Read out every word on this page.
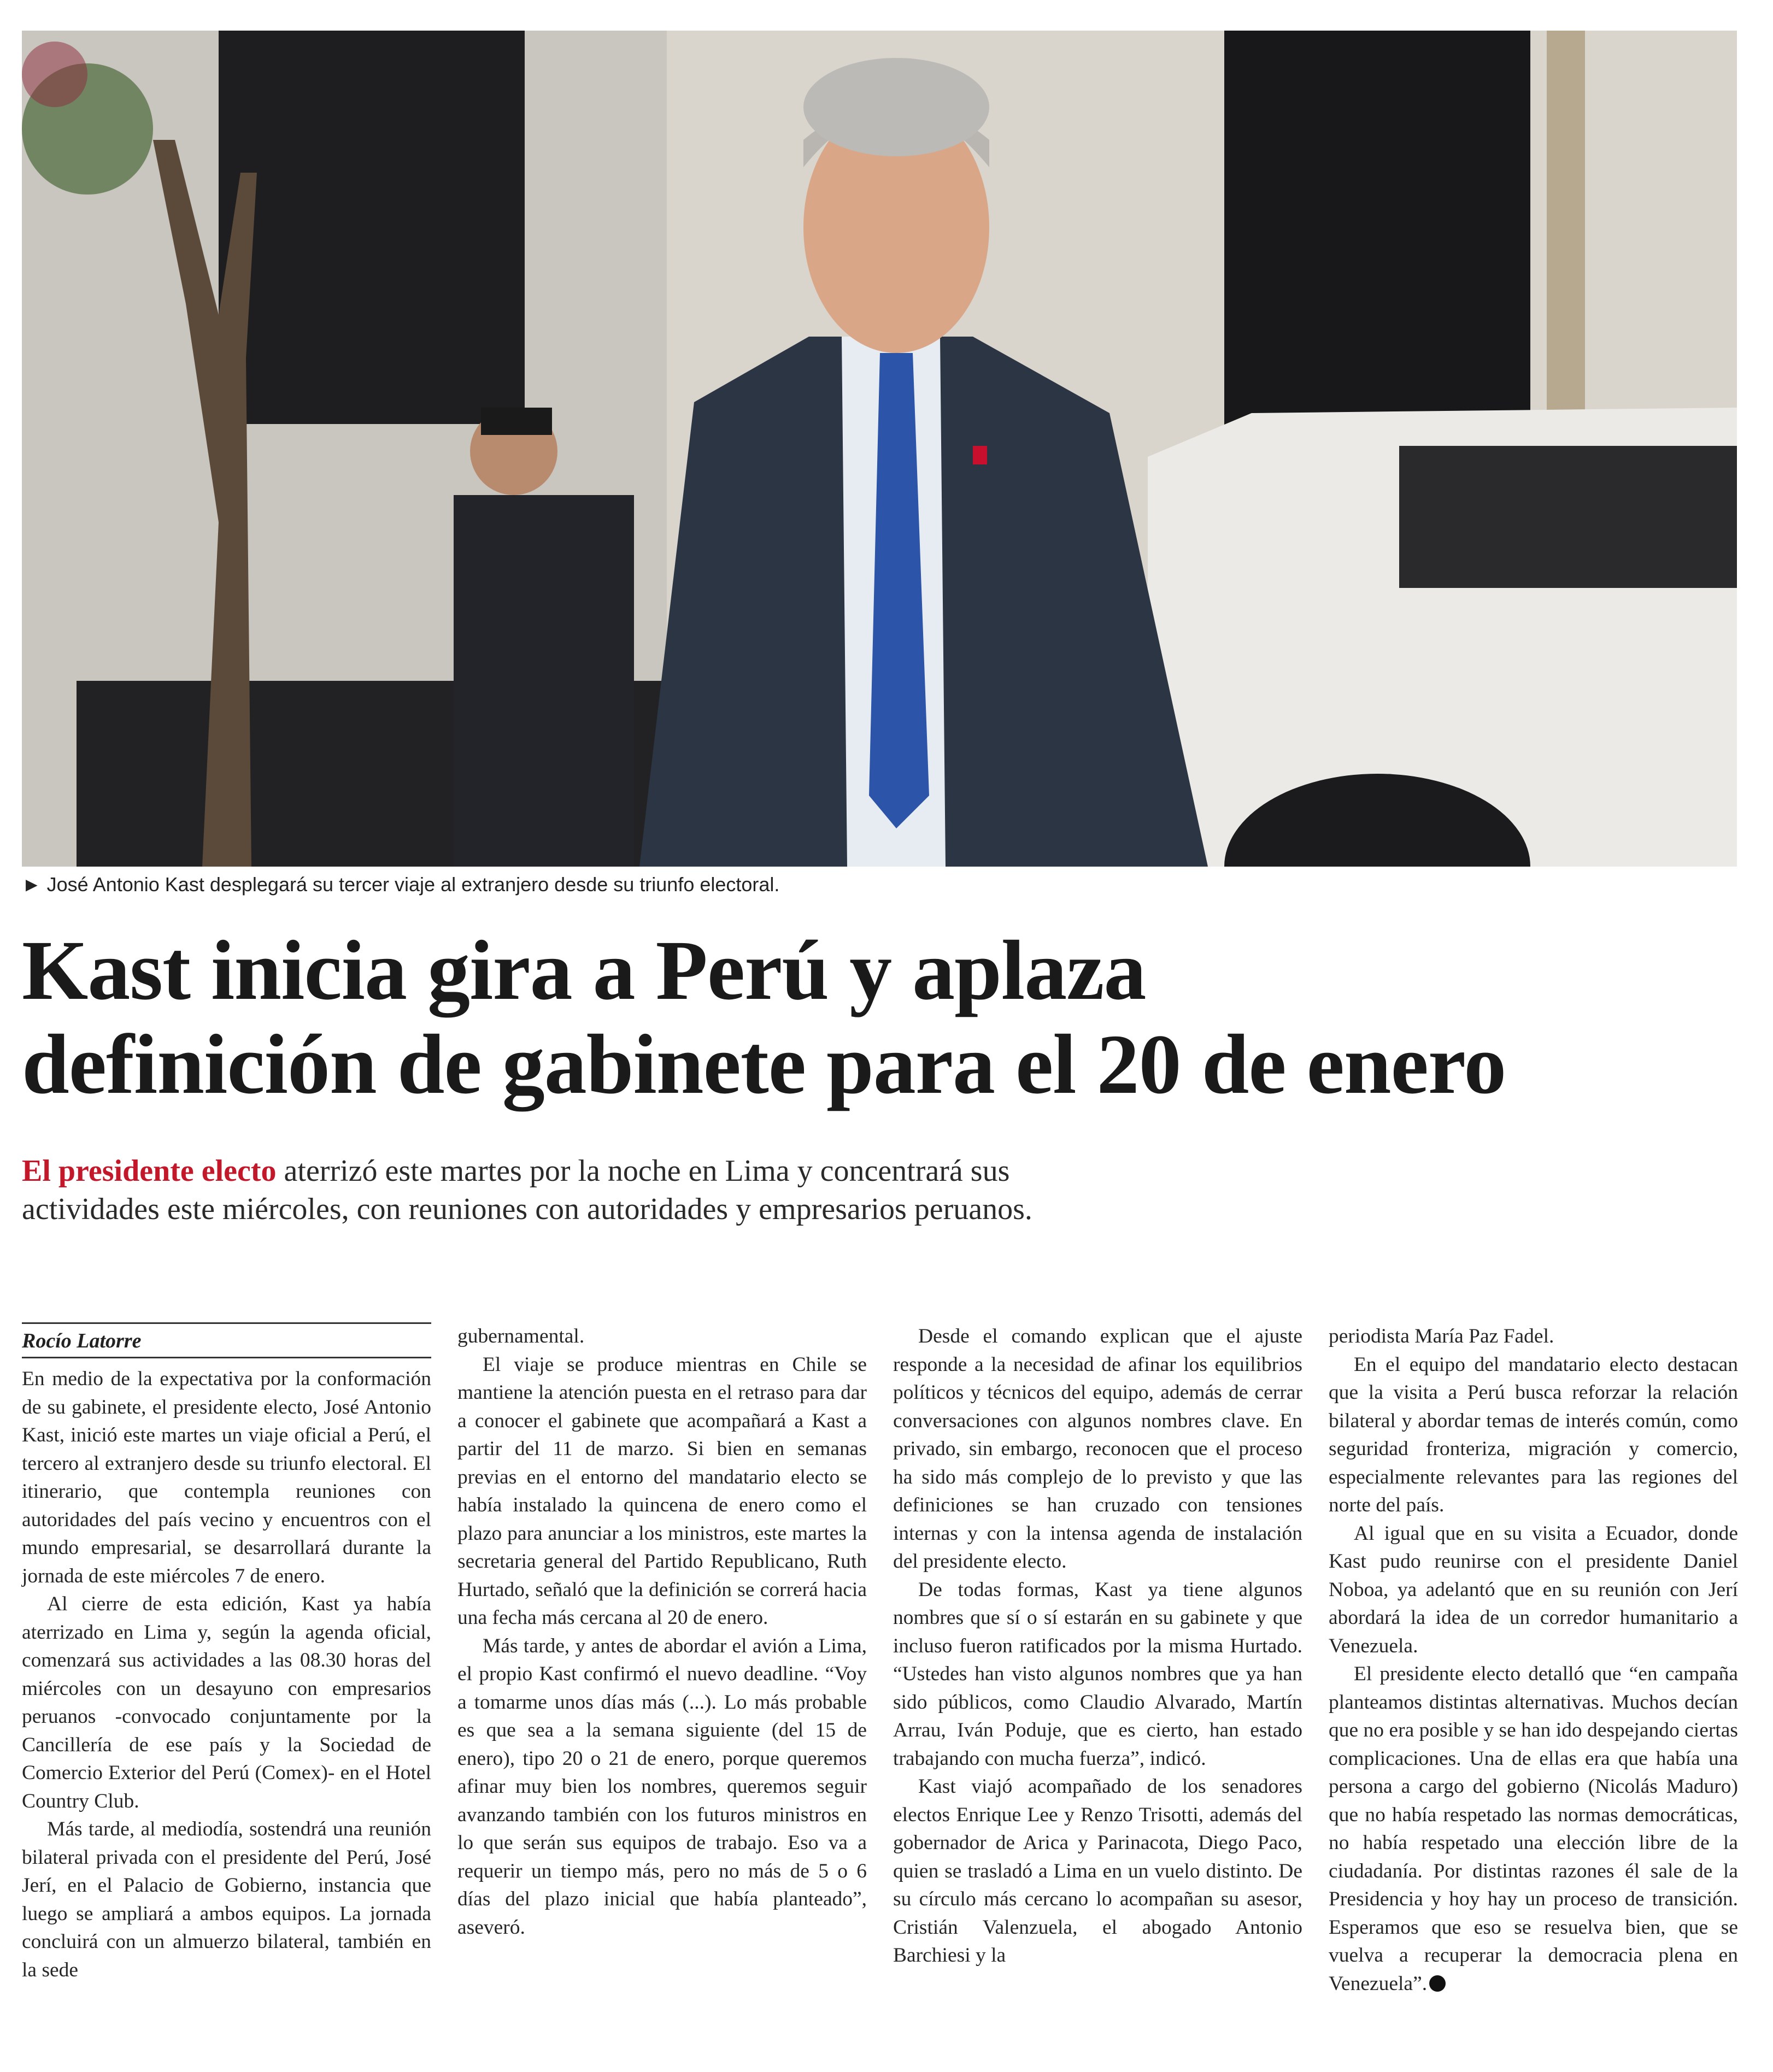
► José Antonio Kast desplegará su tercer viaje al extranjero desde su triunfo electoral.
Kast inicia gira a Perú y aplaza
definición de gabinete para el 20 de enero
El presidente electo aterrizó este martes por la noche en Lima y concentrará sus
actividades este miércoles, con reuniones con autoridades y empresarios peruanos.
Rocío Latorre

En medio de la expectativa por la conformación de su gabinete, el presidente electo, José Antonio Kast, inició este martes un viaje oficial a Perú, el tercero al extranjero desde su triunfo electoral. El itinerario, que contempla reuniones con autoridades del país vecino y encuentros con el mundo empresarial, se desarrollará durante la jornada de este miércoles 7 de enero.

Al cierre de esta edición, Kast ya había aterrizado en Lima y, según la agenda oficial, comenzará sus actividades a las 08.30 horas del miércoles con un desayuno con empresarios peruanos -convocado conjuntamente por la Cancillería de ese país y la Sociedad de Comercio Exterior del Perú (Comex)- en el Hotel Country Club.

Más tarde, al mediodía, sostendrá una reunión bilateral privada con el presidente del Perú, José Jerí, en el Palacio de Gobierno, instancia que luego se ampliará a ambos equipos. La jornada concluirá con un almuerzo bilateral, también en la sede

gubernamental.

El viaje se produce mientras en Chile se mantiene la atención puesta en el retraso para dar a conocer el gabinete que acompañará a Kast a partir del 11 de marzo. Si bien en semanas previas en el entorno del mandatario electo se había instalado la quincena de enero como el plazo para anunciar a los ministros, este martes la secretaria general del Partido Republicano, Ruth Hurtado, señaló que la definición se correrá hacia una fecha más cercana al 20 de enero.

Más tarde, y antes de abordar el avión a Lima, el propio Kast confirmó el nuevo deadline. “Voy a tomarme unos días más (...). Lo más probable es que sea a la semana siguiente (del 15 de enero), tipo 20 o 21 de enero, porque queremos afinar muy bien los nombres, queremos seguir avanzando también con los futuros ministros en lo que serán sus equipos de trabajo. Eso va a requerir un tiempo más, pero no más de 5 o 6 días del plazo inicial que había planteado”, aseveró.

Desde el comando explican que el ajuste responde a la necesidad de afinar los equilibrios políticos y técnicos del equipo, además de cerrar conversaciones con algunos nombres clave. En privado, sin embargo, reconocen que el proceso ha sido más complejo de lo previsto y que las definiciones se han cruzado con tensiones internas y con la intensa agenda de instalación del presidente electo.

De todas formas, Kast ya tiene algunos nombres que sí o sí estarán en su gabinete y que incluso fueron ratificados por la misma Hurtado. “Ustedes han visto algunos nombres que ya han sido públicos, como Claudio Alvarado, Martín Arrau, Iván Poduje, que es cierto, han estado trabajando con mucha fuerza”, indicó.

Kast viajó acompañado de los senadores electos Enrique Lee y Renzo Trisotti, además del gobernador de Arica y Parinacota, Diego Paco, quien se trasladó a Lima en un vuelo distinto. De su círculo más cercano lo acompañan su asesor, Cristián Valenzuela, el abogado Antonio Barchiesi y la

periodista María Paz Fadel.

En el equipo del mandatario electo destacan que la visita a Perú busca reforzar la relación bilateral y abordar temas de interés común, como seguridad fronteriza, migración y comercio, especialmente relevantes para las regiones del norte del país.

Al igual que en su visita a Ecuador, donde Kast pudo reunirse con el presidente Daniel Noboa, ya adelantó que en su reunión con Jerí abordará la idea de un corredor humanitario a Venezuela.

El presidente electo detalló que “en campaña planteamos distintas alternativas. Muchos decían que no era posible y se han ido despejando ciertas complicaciones. Una de ellas era que había una persona a cargo del gobierno (Nicolás Maduro) que no había respetado las normas democráticas, no había respetado una elección libre de la ciudadanía. Por distintas razones él sale de la Presidencia y hoy hay un proceso de transición. Esperamos que eso se resuelva bien, que se vuelva a recuperar la democracia plena en Venezuela”.
